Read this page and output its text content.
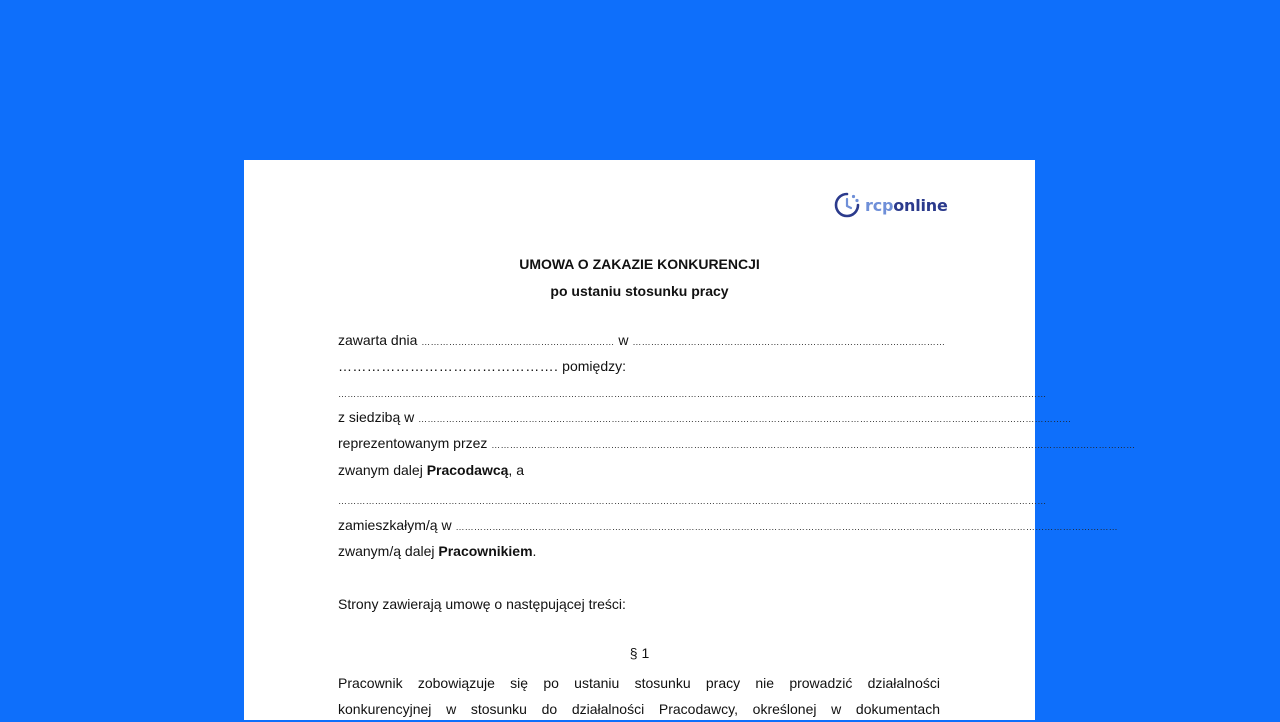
rcponline
UMOWA O ZAKAZIE KONKURENCJI
po ustaniu stosunku pracy
zawarta dnia ……………………………………………………… w …………………………………………………………………………………………
………………………………………. pomiędzy:
……………………………………………………………………………………………………………………………………………………………………………………………………………
z siedzibą w ……………………………………………………………………………………………………………………………………………………………………………………………
reprezentowanym przez …………………………………………………………………………………………………………………………………………………………………………………………
zwanym dalej Pracodawcą, a
……………………………………………………………………………………………………………………………………………………………………………………………………………
zamieszkałym/ą w ………………………………………………………………………………………………………………………………………………………………………………………………
zwanym/ą dalej Pracownikiem.
Strony zawierają umowę o następującej treści:
§ 1
Pracownik zobowiązuje się po ustaniu stosunku pracy nie prowadzić działalności
konkurencyjnej w stosunku do działalności Pracodawcy, określonej w dokumentach
